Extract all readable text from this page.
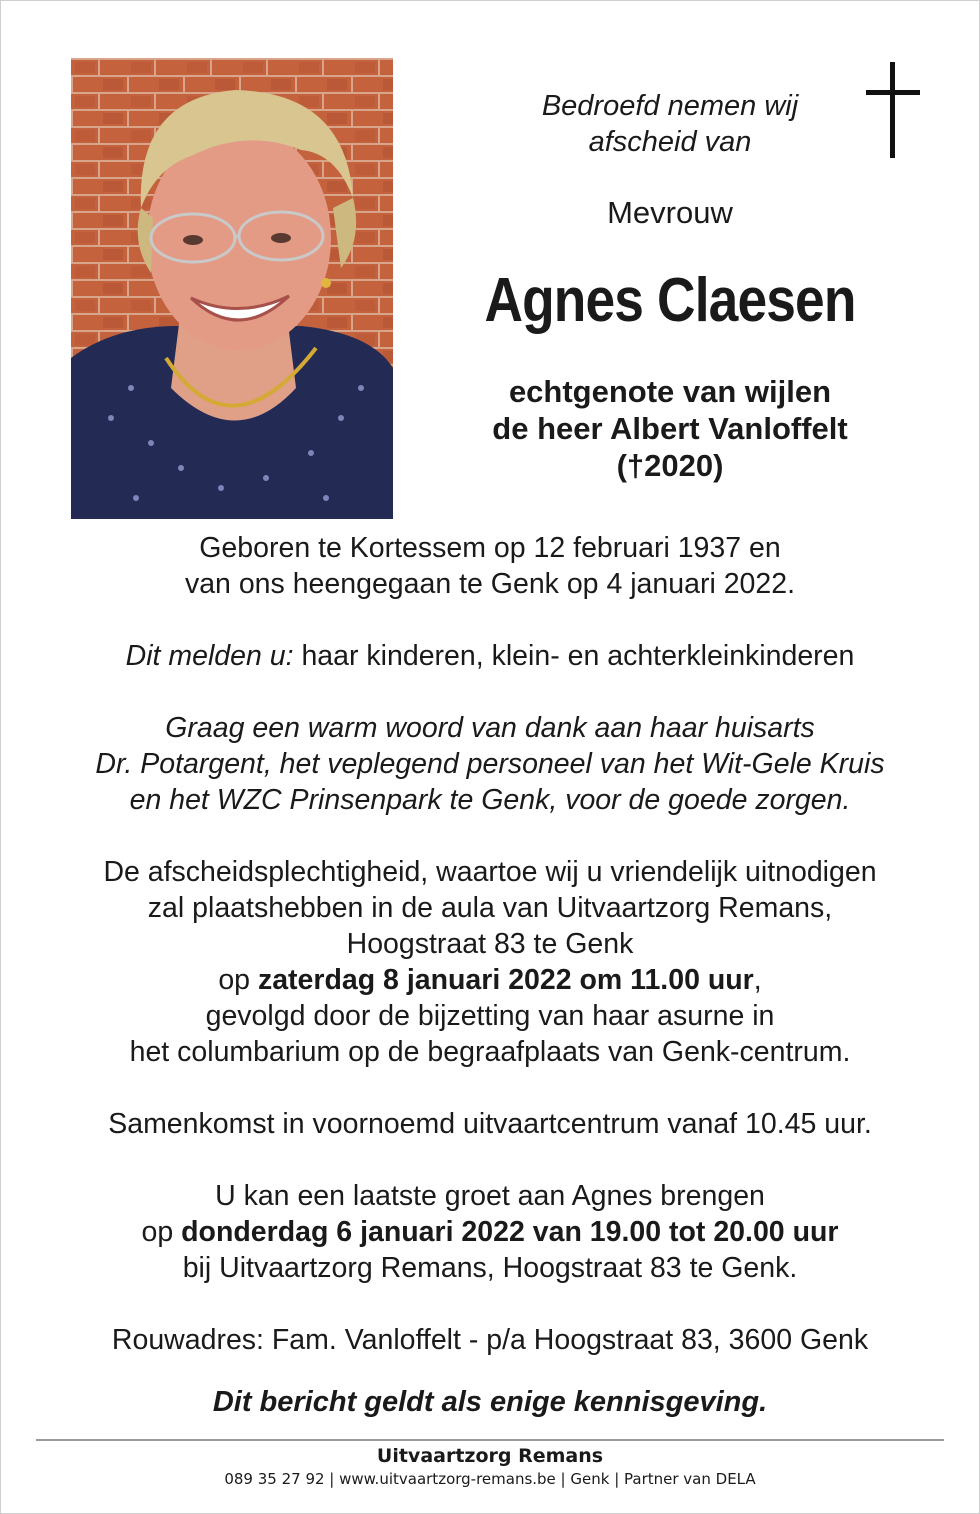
Bedroefd nemen wij
afscheid van
Mevrouw
Agnes Claesen
echtgenote van wijlen
de heer Albert Vanloffelt
(†2020)

Geboren te Kortessem op 12 februari 1937 en

van ons heengegaan te Genk op 4 januari 2022.

Dit melden u: haar kinderen, klein- en achterkleinkinderen

Graag een warm woord van dank aan haar huisarts

Dr. Potargent, het veplegend personeel van het Wit-Gele Kruis

en het WZC Prinsenpark te Genk, voor de goede zorgen.

De afscheidsplechtigheid, waartoe wij u vriendelijk uitnodigen

zal plaatshebben in de aula van Uitvaartzorg Remans,

Hoogstraat 83 te Genk

op zaterdag 8 januari 2022 om 11.00 uur,

gevolgd door de bijzetting van haar asurne in

het columbarium op de begraafplaats van Genk-centrum.

Samenkomst in voornoemd uitvaartcentrum vanaf 10.45 uur.

U kan een laatste groet aan Agnes brengen

op donderdag 6 januari 2022 van 19.00 tot 20.00 uur

bij Uitvaartzorg Remans, Hoogstraat 83 te Genk.

Rouwadres: Fam. Vanloffelt - p/a Hoogstraat 83, 3600 Genk

Dit bericht geldt als enige kennisgeving.
Uitvaartzorg Remans
089 35 27 92 | www.uitvaartzorg-remans.be | Genk | Partner van DELA
